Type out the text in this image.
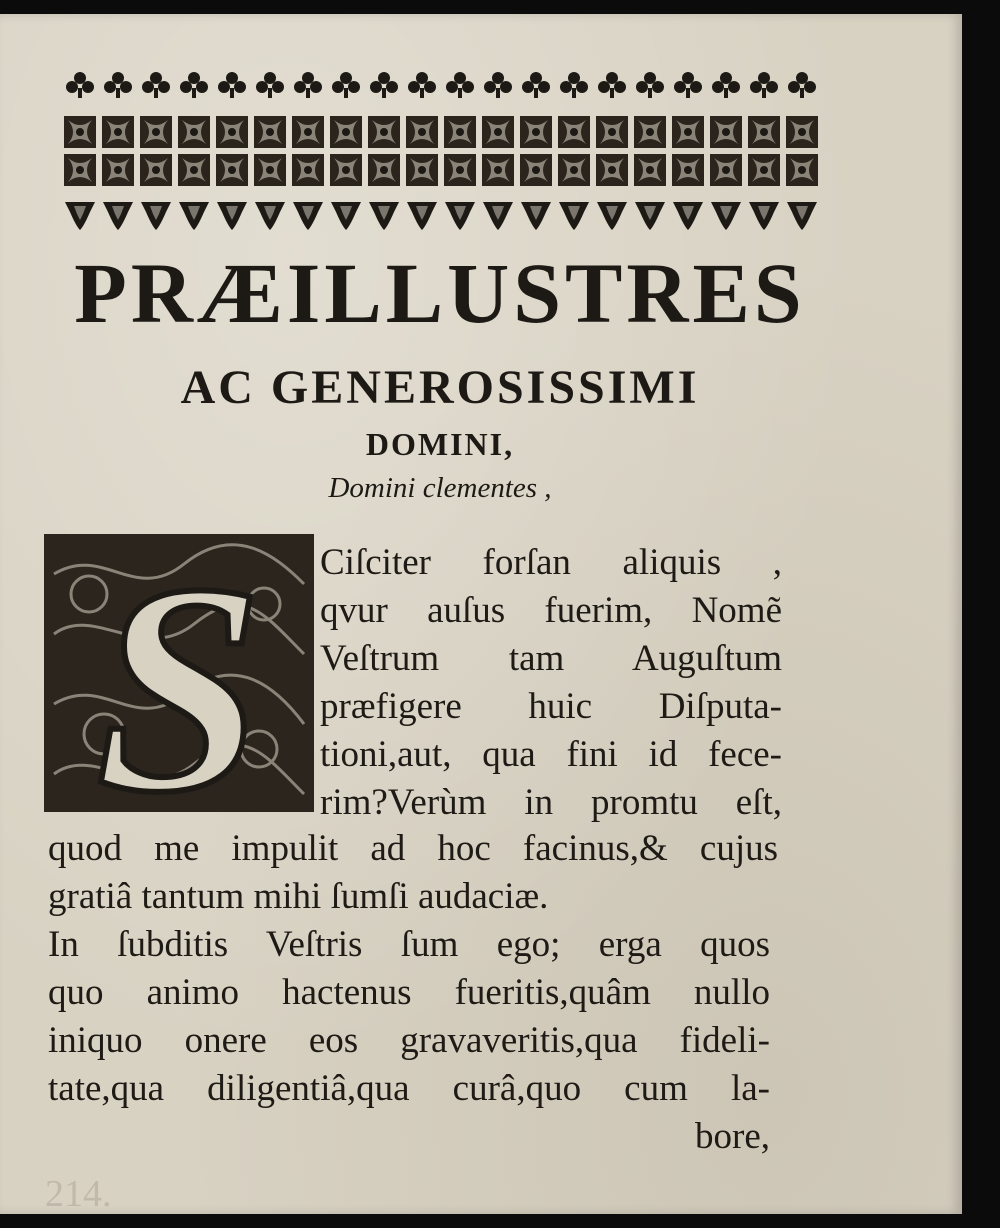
PRÆILLUSTRES
AC GENEROSISSIMI
DOMINI,

Domini clementes ,

S Ciſciter forſan aliquis ,

qvur auſus fuerim, Nomẽ

Veſtrum tam Auguſtum

præfigere huic Diſputa-

tioni,aut, qua fini id fece-

rim?Verùm in promtu eſt,

quod me impulit ad hoc facinus,& cujus

gratiâ tantum mihi ſumſi audaciæ.

In ſubditis Veſtris ſum ego; erga quos

quo animo hactenus fueritis,quâm nullo

iniquo onere eos gravaveritis,qua fideli-

tate,qua diligentiâ,qua curâ,quo cum la-

bore,

214.
